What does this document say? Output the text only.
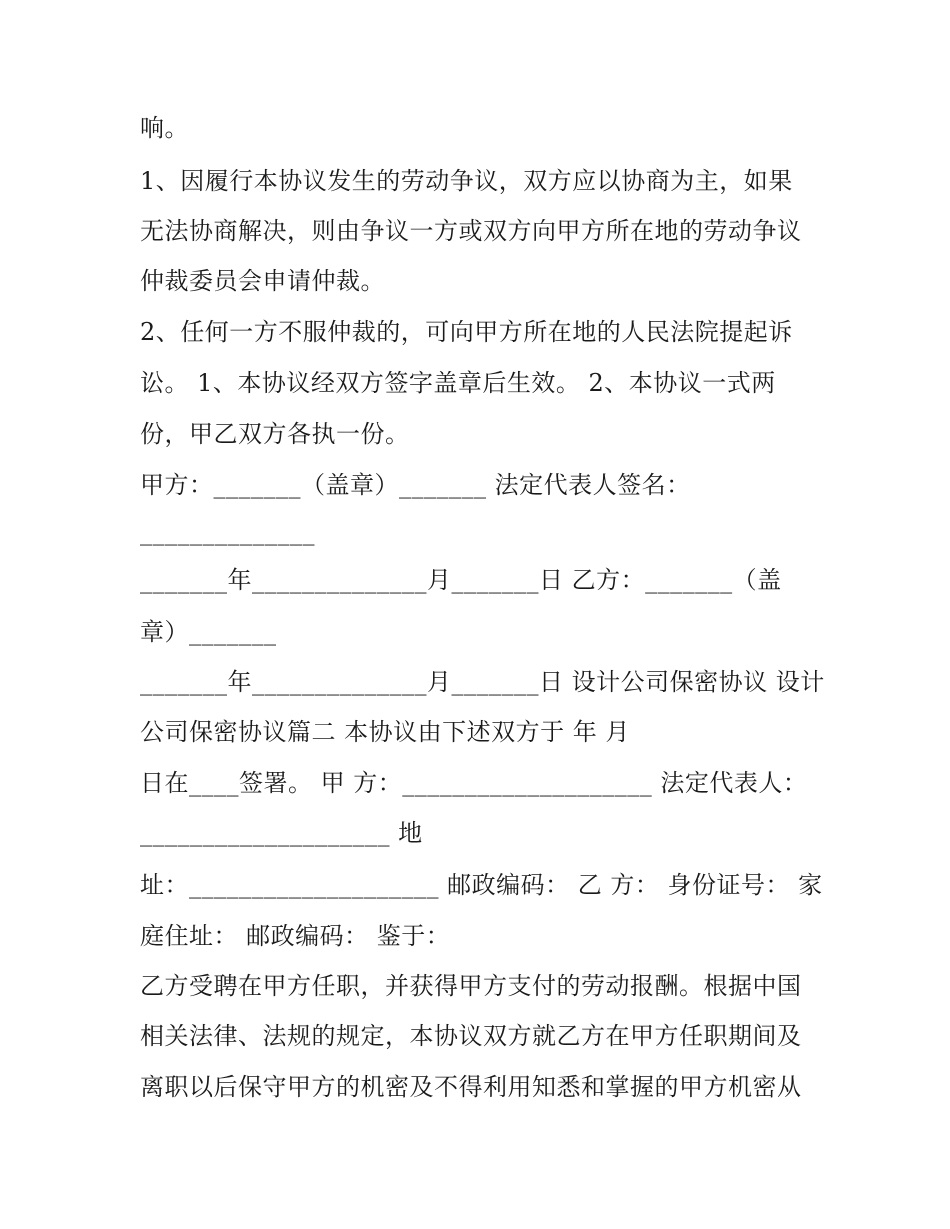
响。
1、因履行本协议发生的劳动争议，双方应以协商为主，如果
无法协商解决，则由争议一方或双方向甲方所在地的劳动争议
仲裁委员会申请仲裁。
2、任何一方不服仲裁的，可向甲方所在地的人民法院提起诉
讼。 1、本协议经双方签字盖章后生效。 2、本协议一式两
份，甲乙双方各执一份。
甲方：_______（盖章）_______ 法定代表人签名：
______________
_______年______________月_______日 乙方：_______（盖
章）_______
_______年______________月_______日 设计公司保密协议 设计
公司保密协议篇二 本协议由下述双方于 年 月
日在____签署。 甲 方：____________________ 法定代表人：
____________________ 地
址：____________________ 邮政编码： 乙 方： 身份证号： 家
庭住址： 邮政编码： 鉴于：
乙方受聘在甲方任职，并获得甲方支付的劳动报酬。根据中国
相关法律、法规的规定，本协议双方就乙方在甲方任职期间及
离职以后保守甲方的机密及不得利用知悉和掌握的甲方机密从
